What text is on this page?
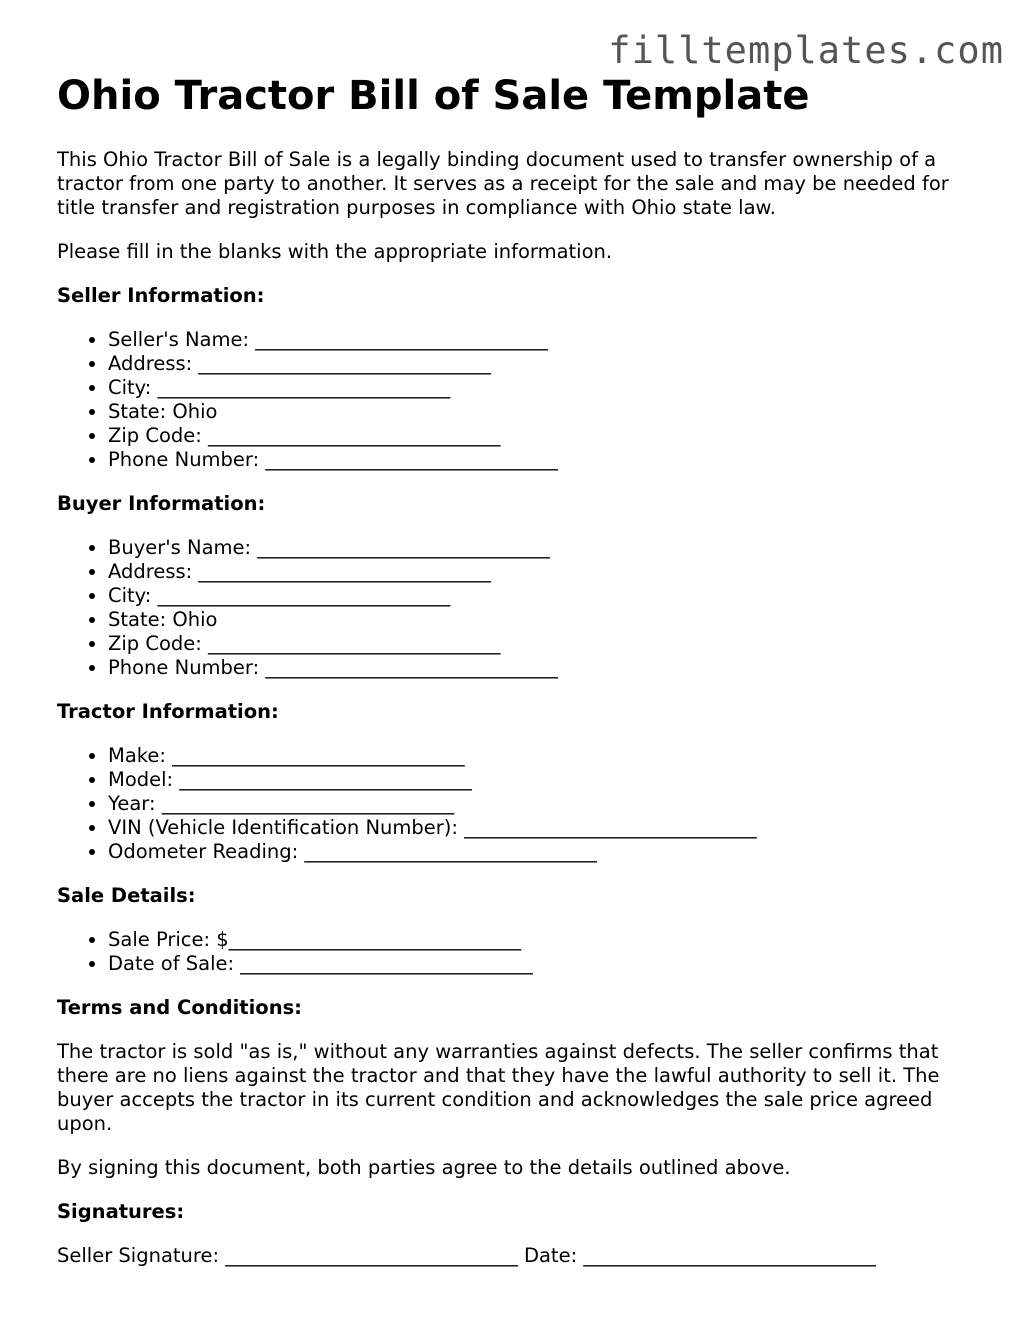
filltemplates.com
Ohio Tractor Bill of Sale Template

This Ohio Tractor Bill of Sale is a legally binding document used to transfer ownership of a tractor from one party to another. It serves as a receipt for the sale and may be needed for title transfer and registration purposes in compliance with Ohio state law.

Please fill in the blanks with the appropriate information.

Seller Information:

• Seller's Name: ______________________________
• Address: ______________________________
• City: ______________________________
• State: Ohio
• Zip Code: ______________________________
• Phone Number: ______________________________

Buyer Information:

• Buyer's Name: ______________________________
• Address: ______________________________
• City: ______________________________
• State: Ohio
• Zip Code: ______________________________
• Phone Number: ______________________________

Tractor Information:

• Make: ______________________________
• Model: ______________________________
• Year: ______________________________
• VIN (Vehicle Identification Number): ______________________________
• Odometer Reading: ______________________________

Sale Details:

• Sale Price: $______________________________
• Date of Sale: ______________________________

Terms and Conditions:

The tractor is sold "as is," without any warranties against defects. The seller confirms that there are no liens against the tractor and that they have the lawful authority to sell it. The buyer accepts the tractor in its current condition and acknowledges the sale price agreed upon.

By signing this document, both parties agree to the details outlined above.

Signatures:

Seller Signature: ______________________________ Date: ______________________________
